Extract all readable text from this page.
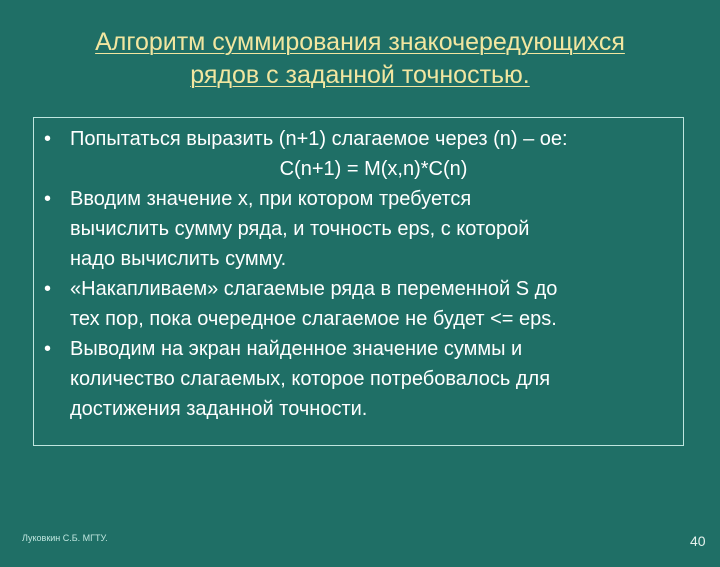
Алгоритм суммирования знакочередующихся
рядов с заданной точностью.
• Попытаться выразить (n+1) слагаемое через (n) – ое:
C(n+1) = M(x,n)*C(n)
• Вводим значение х, при котором требуется
вычислить сумму ряда, и точность eps, с которой
надо вычислить сумму.
• «Накапливаем» слагаемые ряда в переменной S до
тех пор, пока очередное слагаемое не будет <= eps.
• Выводим на экран найденное значение суммы и
количество слагаемых, которое потребовалось для
достижения заданной точности.
Луковкин С.Б. МГТУ.	40
